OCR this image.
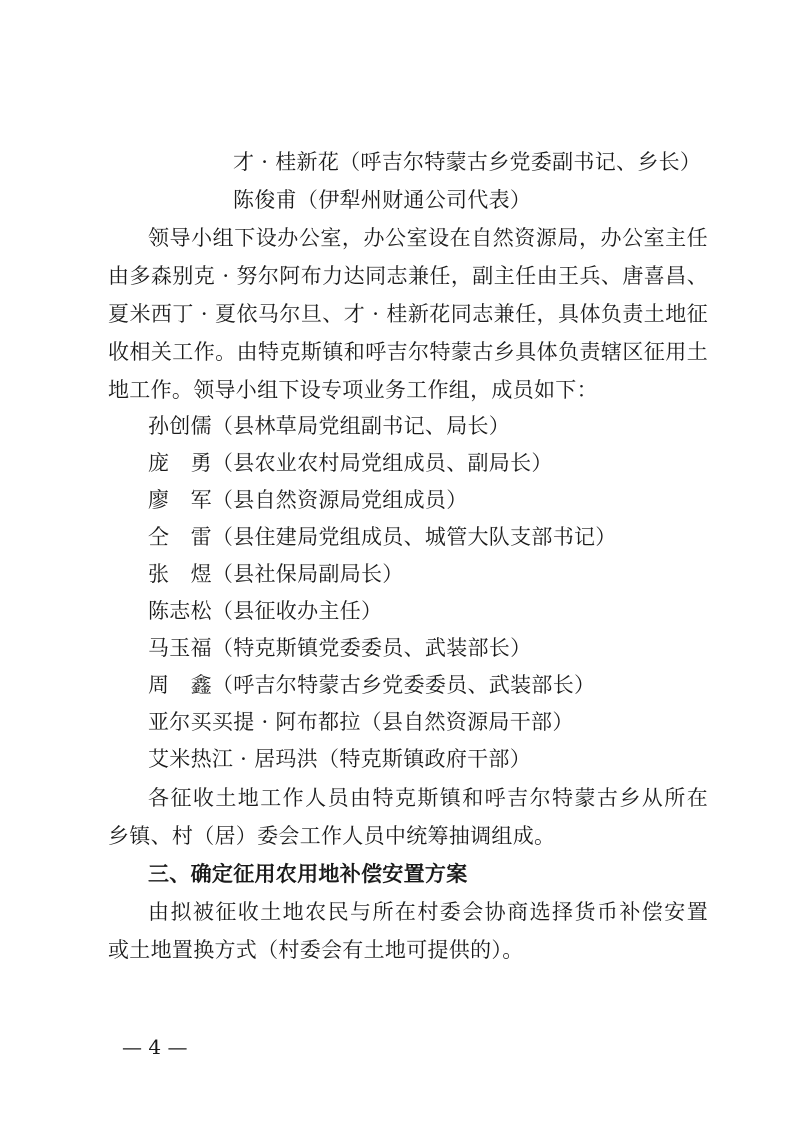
才 · 桂新花（呼吉尔特蒙古乡党委副书记、乡长）
陈俊甫（伊犁州财通公司代表）
领导小组下设办公室，办公室设在自然资源局，办公室主任
由多森别克 · 努尔阿布力达同志兼任，副主任由王兵、唐喜昌、
夏米西丁 · 夏依马尔旦、才 · 桂新花同志兼任，具体负责土地征
收相关工作。由特克斯镇和呼吉尔特蒙古乡具体负责辖区征用土
地工作。领导小组下设专项业务工作组，成员如下：
孙创儒（县林草局党组副书记、局长）
庞　勇（县农业农村局党组成员、副局长）
廖　军（县自然资源局党组成员）
仝　雷（县住建局党组成员、城管大队支部书记）
张　煜（县社保局副局长）
陈志松（县征收办主任）
马玉福（特克斯镇党委委员、武装部长）
周　鑫（呼吉尔特蒙古乡党委委员、武装部长）
亚尔买买提 · 阿布都拉（县自然资源局干部）
艾米热江 · 居玛洪（特克斯镇政府干部）
各征收土地工作人员由特克斯镇和呼吉尔特蒙古乡从所在
乡镇、村（居）委会工作人员中统筹抽调组成。
三、确定征用农用地补偿安置方案
由拟被征收土地农民与所在村委会协商选择货币补偿安置
或土地置换方式（村委会有土地可提供的）。
— 4 —
